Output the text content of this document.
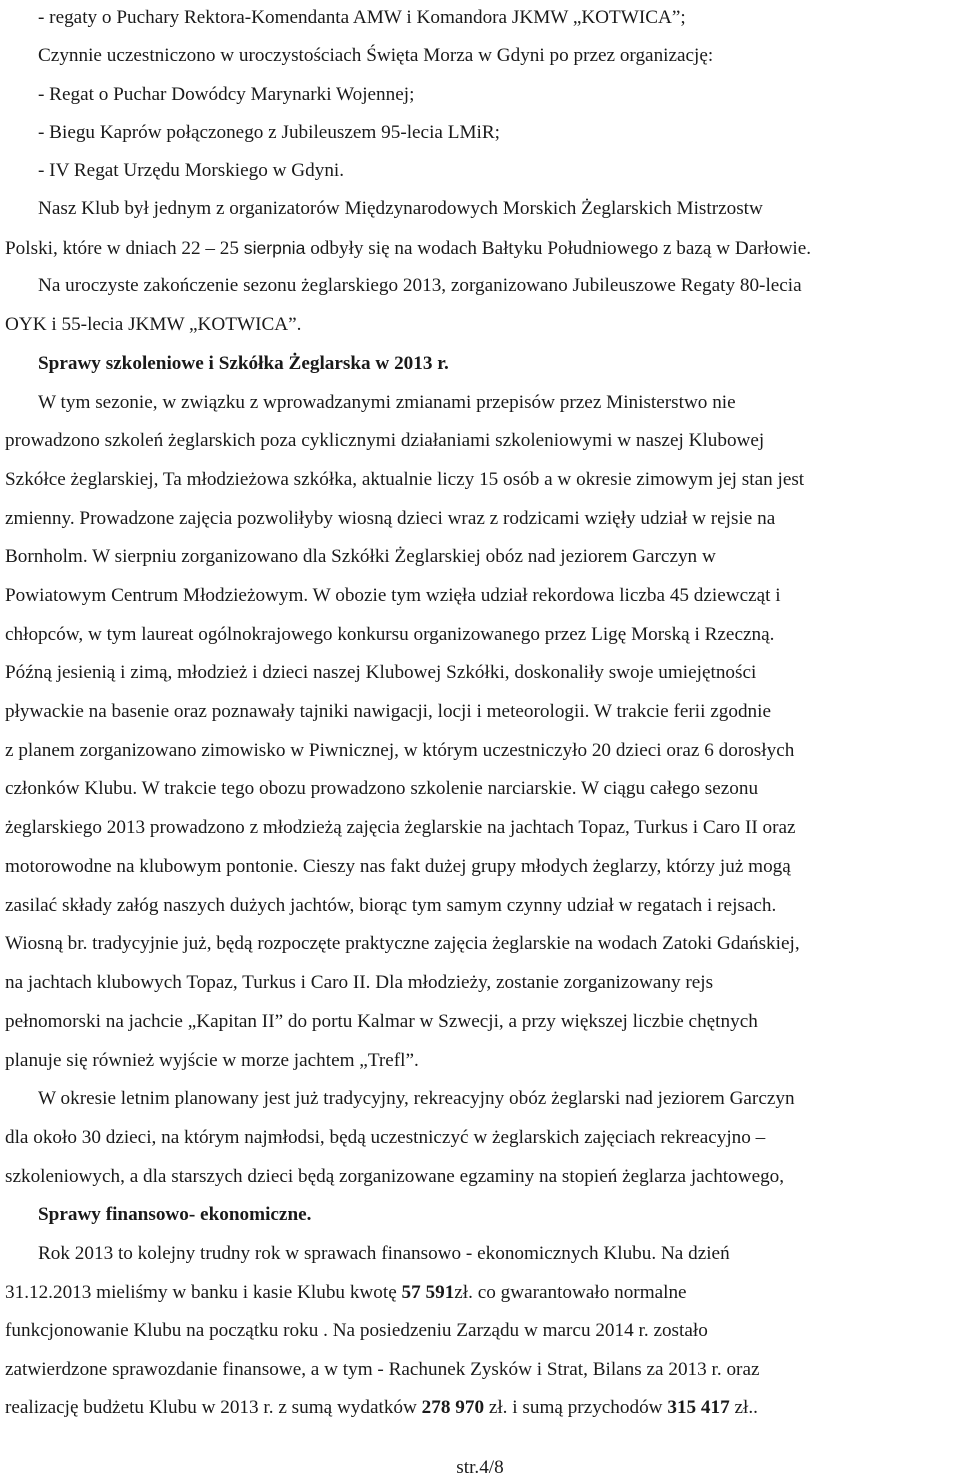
- regaty o Puchary Rektora-Komendanta AMW i Komandora JKMW „KOTWICA”;
Czynnie uczestniczono w uroczystościach Święta Morza w Gdyni po przez organizację:
- Regat o Puchar Dowódcy Marynarki Wojennej;
- Biegu Kaprów połączonego z Jubileuszem 95-lecia LMiR;
- IV Regat Urzędu Morskiego w Gdyni.
Nasz Klub był jednym z organizatorów Międzynarodowych Morskich Żeglarskich Mistrzostw
Polski, które w dniach 22 – 25 sierpnia odbyły się na wodach Bałtyku Południowego z bazą w Darłowie.
Na uroczyste zakończenie sezonu żeglarskiego 2013, zorganizowano Jubileuszowe Regaty 80-lecia
OYK i 55-lecia JKMW „KOTWICA”.
Sprawy szkoleniowe i Szkółka Żeglarska w 2013 r.
W tym sezonie, w związku z wprowadzanymi zmianami przepisów przez Ministerstwo nie
prowadzono szkoleń żeglarskich poza cyklicznymi działaniami szkoleniowymi w naszej Klubowej
Szkółce żeglarskiej, Ta młodzieżowa szkółka, aktualnie liczy 15 osób a w okresie zimowym jej stan jest
zmienny. Prowadzone zajęcia pozwoliłyby wiosną dzieci wraz z rodzicami wzięły udział w rejsie na
Bornholm. W sierpniu zorganizowano dla Szkółki Żeglarskiej obóz nad jeziorem Garczyn w
Powiatowym Centrum Młodzieżowym. W obozie tym wzięła udział rekordowa liczba 45 dziewcząt i
chłopców, w tym laureat ogólnokrajowego konkursu organizowanego przez Ligę Morską i Rzeczną.
Późną jesienią i zimą, młodzież i dzieci naszej Klubowej Szkółki, doskonaliły swoje umiejętności
pływackie na basenie oraz poznawały tajniki nawigacji, locji i meteorologii. W trakcie ferii zgodnie
z planem zorganizowano zimowisko w Piwnicznej, w którym uczestniczyło 20 dzieci oraz 6 dorosłych
członków Klubu. W trakcie tego obozu prowadzono szkolenie narciarskie. W ciągu całego sezonu
żeglarskiego 2013 prowadzono z młodzieżą zajęcia żeglarskie na jachtach Topaz, Turkus i Caro II oraz
motorowodne na klubowym pontonie. Cieszy nas fakt dużej grupy młodych żeglarzy, którzy już mogą
zasilać składy załóg naszych dużych jachtów, biorąc tym samym czynny udział w regatach i rejsach.
Wiosną br. tradycyjnie już, będą rozpoczęte praktyczne zajęcia żeglarskie na wodach Zatoki Gdańskiej,
na jachtach klubowych Topaz, Turkus i Caro II. Dla młodzieży, zostanie zorganizowany rejs
pełnomorski na jachcie „Kapitan II” do portu Kalmar w Szwecji, a przy większej liczbie chętnych
planuje się również wyjście w morze jachtem „Trefl”.
W okresie letnim planowany jest już tradycyjny, rekreacyjny obóz żeglarski nad jeziorem Garczyn
dla około 30 dzieci, na którym najmłodsi, będą uczestniczyć w żeglarskich zajęciach rekreacyjno –
szkoleniowych, a dla starszych dzieci będą zorganizowane egzaminy na stopień żeglarza jachtowego,
Sprawy finansowo- ekonomiczne.
Rok 2013 to kolejny trudny rok w sprawach finansowo - ekonomicznych Klubu. Na dzień
31.12.2013 mieliśmy w banku i kasie Klubu kwotę 57 591zł. co gwarantowało normalne
funkcjonowanie Klubu na początku roku . Na posiedzeniu Zarządu w marcu 2014 r. zostało
zatwierdzone sprawozdanie finansowe, a w tym - Rachunek Zysków i Strat, Bilans za 2013 r. oraz
realizację budżetu Klubu w 2013 r. z sumą wydatków 278 970 zł. i sumą przychodów 315 417 zł..
str.4/8
